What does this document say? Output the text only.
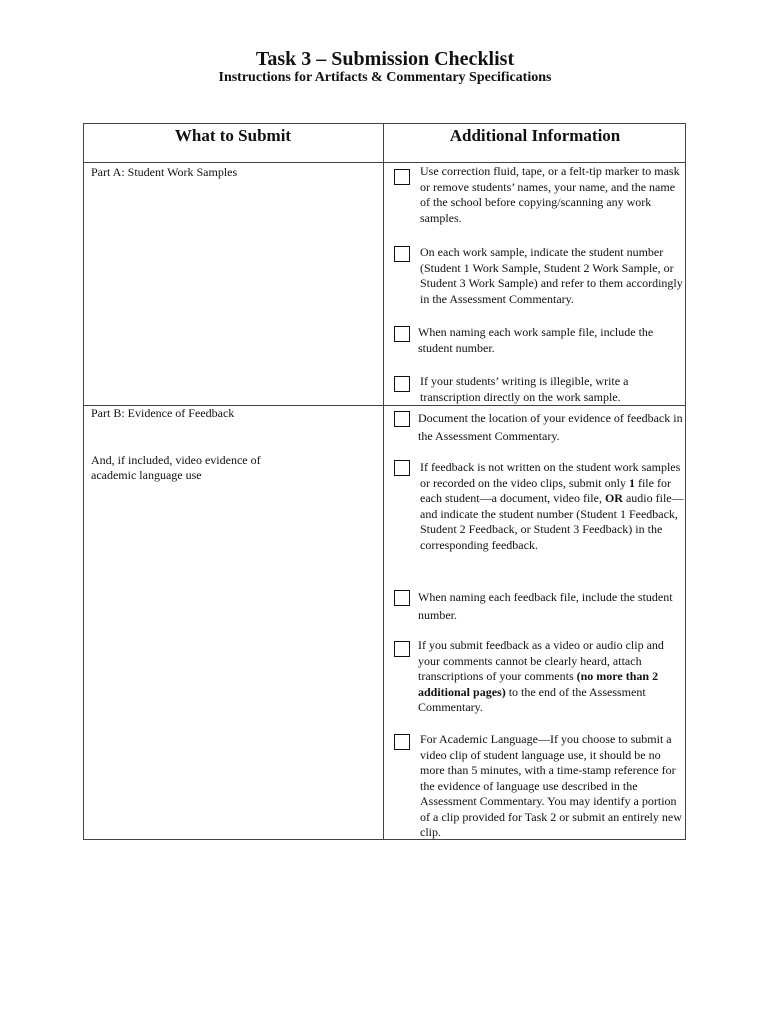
Task 3 – Submission Checklist
Instructions for Artifacts & Commentary Specifications
What to Submit	Additional Information
Part A: Student Work Samples	Use correction fluid, tape, or a felt-tip marker to mask or remove students’ names, your name, and the name of the school before copying/scanning any work samples.
On each work sample, indicate the student number (Student 1 Work Sample, Student 2 Work Sample, or Student 3 Work Sample) and refer to them accordingly in the Assessment Commentary.
When naming each work sample file, include the student number.
If your students’ writing is illegible, write a transcription directly on the work sample.
Part B: Evidence of Feedback
And, if included, video evidence of academic language use
Document the location of your evidence of feedback in the Assessment Commentary.
If feedback is not written on the student work samples or recorded on the video clips, submit only 1 file for each student—a document, video file, OR audio file—and indicate the student number (Student 1 Feedback, Student 2 Feedback, or Student 3 Feedback) in the corresponding feedback.
When naming each feedback file, include the student number.
If you submit feedback as a video or audio clip and your comments cannot be clearly heard, attach transcriptions of your comments (no more than 2 additional pages) to the end of the Assessment Commentary.
For Academic Language—If you choose to submit a video clip of student language use, it should be no more than 5 minutes, with a time-stamp reference for the evidence of language use described in the Assessment Commentary. You may identify a portion of a clip provided for Task 2 or submit an entirely new clip.
